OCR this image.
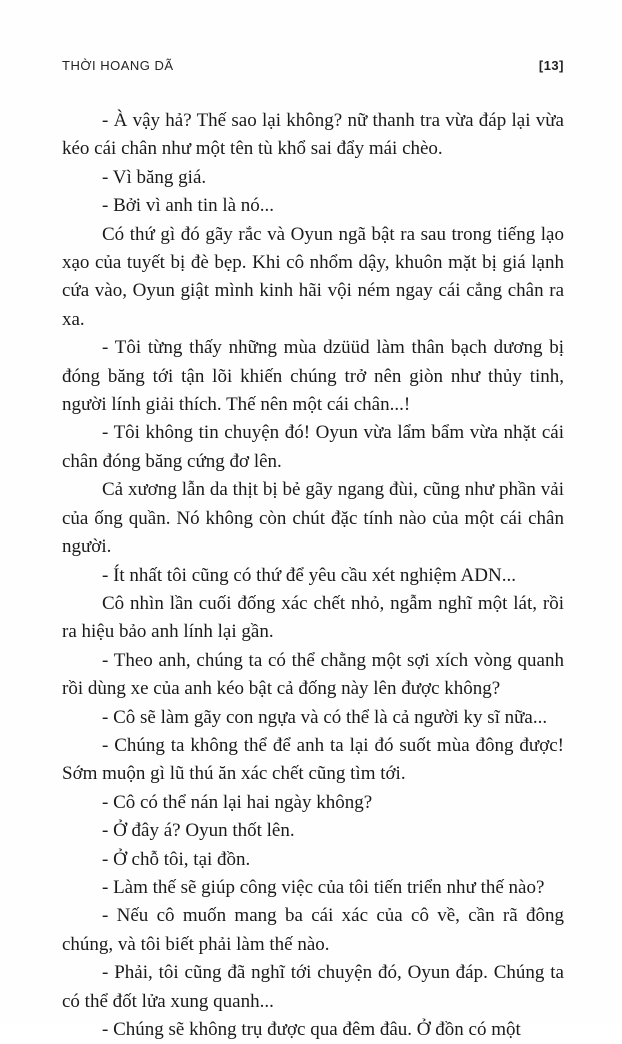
THỜI HOANG DÃ	[13]

- À vậy hả? Thế sao lại không? nữ thanh tra vừa đáp lại vừa kéo cái chân như một tên tù khổ sai đẩy mái chèo.

- Vì băng giá.

- Bởi vì anh tin là nó...

Có thứ gì đó gãy rắc và Oyun ngã bật ra sau trong tiếng lạo xạo của tuyết bị đè bẹp. Khi cô nhổm dậy, khuôn mặt bị giá lạnh cứa vào, Oyun giật mình kinh hãi vội ném ngay cái cẳng chân ra xa.

- Tôi từng thấy những mùa dzüüd làm thân bạch dương bị đóng băng tới tận lõi khiến chúng trở nên giòn như thủy tinh, người lính giải thích. Thế nên một cái chân...!

- Tôi không tin chuyện đó! Oyun vừa lẩm bẩm vừa nhặt cái chân đóng băng cứng đơ lên.

Cả xương lẫn da thịt bị bẻ gãy ngang đùi, cũng như phần vải của ống quần. Nó không còn chút đặc tính nào của một cái chân người.

- Ít nhất tôi cũng có thứ để yêu cầu xét nghiệm ADN...

Cô nhìn lần cuối đống xác chết nhỏ, ngẫm nghĩ một lát, rồi ra hiệu bảo anh lính lại gần.

- Theo anh, chúng ta có thể chằng một sợi xích vòng quanh rồi dùng xe của anh kéo bật cả đống này lên được không?

- Cô sẽ làm gãy con ngựa và có thể là cả người ky sĩ nữa...

- Chúng ta không thể để anh ta lại đó suốt mùa đông được! Sớm muộn gì lũ thú ăn xác chết cũng tìm tới.

- Cô có thể nán lại hai ngày không?

- Ở đây á? Oyun thốt lên.

- Ở chỗ tôi, tại đồn.

- Làm thế sẽ giúp công việc của tôi tiến triển như thế nào?

- Nếu cô muốn mang ba cái xác của cô về, cần rã đông chúng, và tôi biết phải làm thế nào.

- Phải, tôi cũng đã nghĩ tới chuyện đó, Oyun đáp. Chúng ta có thể đốt lửa xung quanh...

- Chúng sẽ không trụ được qua đêm đâu. Ở đồn có một
